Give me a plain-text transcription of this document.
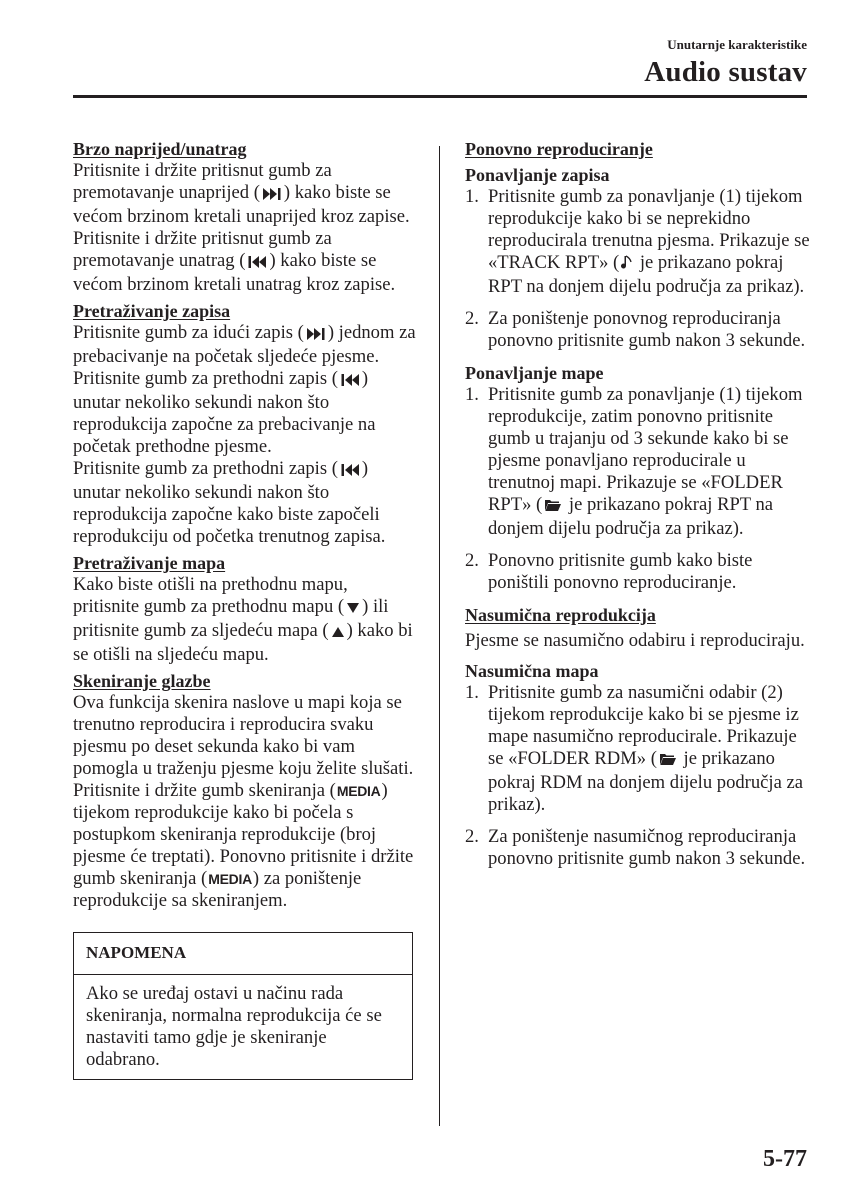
Unutarnje karakteristike
Audio sustav

Brzo naprijed/unatrag

Pritisnite i držite pritisnut gumb za premotavanje unaprijed ( ) kako biste se većom brzinom kretali unaprijed kroz zapise.

Pritisnite i držite pritisnut gumb za premotavanje unatrag ( ) kako biste se većom brzinom kretali unatrag kroz zapise.

Pretraživanje zapisa

Pritisnite gumb za idući zapis ( ) jednom za prebacivanje na početak sljedeće pjesme.

Pritisnite gumb za prethodni zapis ( ) unutar nekoliko sekundi nakon što reprodukcija započne za prebacivanje na početak prethodne pjesme.

Pritisnite gumb za prethodni zapis ( ) unutar nekoliko sekundi nakon što reprodukcija započne kako biste započeli reprodukciju od početka trenutnog zapisa.

Pretraživanje mapa

Kako biste otišli na prethodnu mapu, pritisnite gumb za prethodnu mapu ( ) ili pritisnite gumb za sljedeću mapa ( ) kako bi se otišli na sljedeću mapu.

Skeniranje glazbe

Ova funkcija skenira naslove u mapi koja se trenutno reproducira i reproducira svaku pjesmu po deset sekunda kako bi vam pomogla u traženju pjesme koju želite slušati.

Pritisnite i držite gumb skeniranja (MEDIA) tijekom reprodukcije kako bi počela s postupkom skeniranja reprodukcije (broj pjesme će treptati). Ponovno pritisnite i držite gumb skeniranja (MEDIA) za poništenje reprodukcije sa skeniranjem.

NAPOMENA
Ako se uređaj ostavi u načinu rada skeniranja, normalna reprodukcija će se nastaviti tamo gdje je skeniranje odabrano.

Ponovno reproduciranje

Ponavljanje zapisa

1. Pritisnite gumb za ponavljanje (1) tijekom reprodukcije kako bi se neprekidno reproducirala trenutna pjesma. Prikazuje se «TRACK RPT» ( je prikazano pokraj RPT na donjem dijelu područja za prikaz).
2. Za poništenje ponovnog reproduciranja ponovno pritisnite gumb nakon 3 sekunde.

Ponavljanje mape

1. Pritisnite gumb za ponavljanje (1) tijekom reprodukcije, zatim ponovno pritisnite gumb u trajanju od 3 sekunde kako bi se pjesme ponavljano reproducirale u trenutnoj mapi. Prikazuje se «FOLDER RPT» ( je prikazano pokraj RPT na donjem dijelu područja za prikaz).
2. Ponovno pritisnite gumb kako biste poništili ponovno reproduciranje.

Nasumična reprodukcija

Pjesme se nasumično odabiru i reproduciraju.

Nasumična mapa

1. Pritisnite gumb za nasumični odabir (2) tijekom reprodukcije kako bi se pjesme iz mape nasumično reproducirale. Prikazuje se «FOLDER RDM» ( je prikazano pokraj RDM na donjem dijelu područja za prikaz).
2. Za poništenje nasumičnog reproduciranja ponovno pritisnite gumb nakon 3 sekunde.
5-77
